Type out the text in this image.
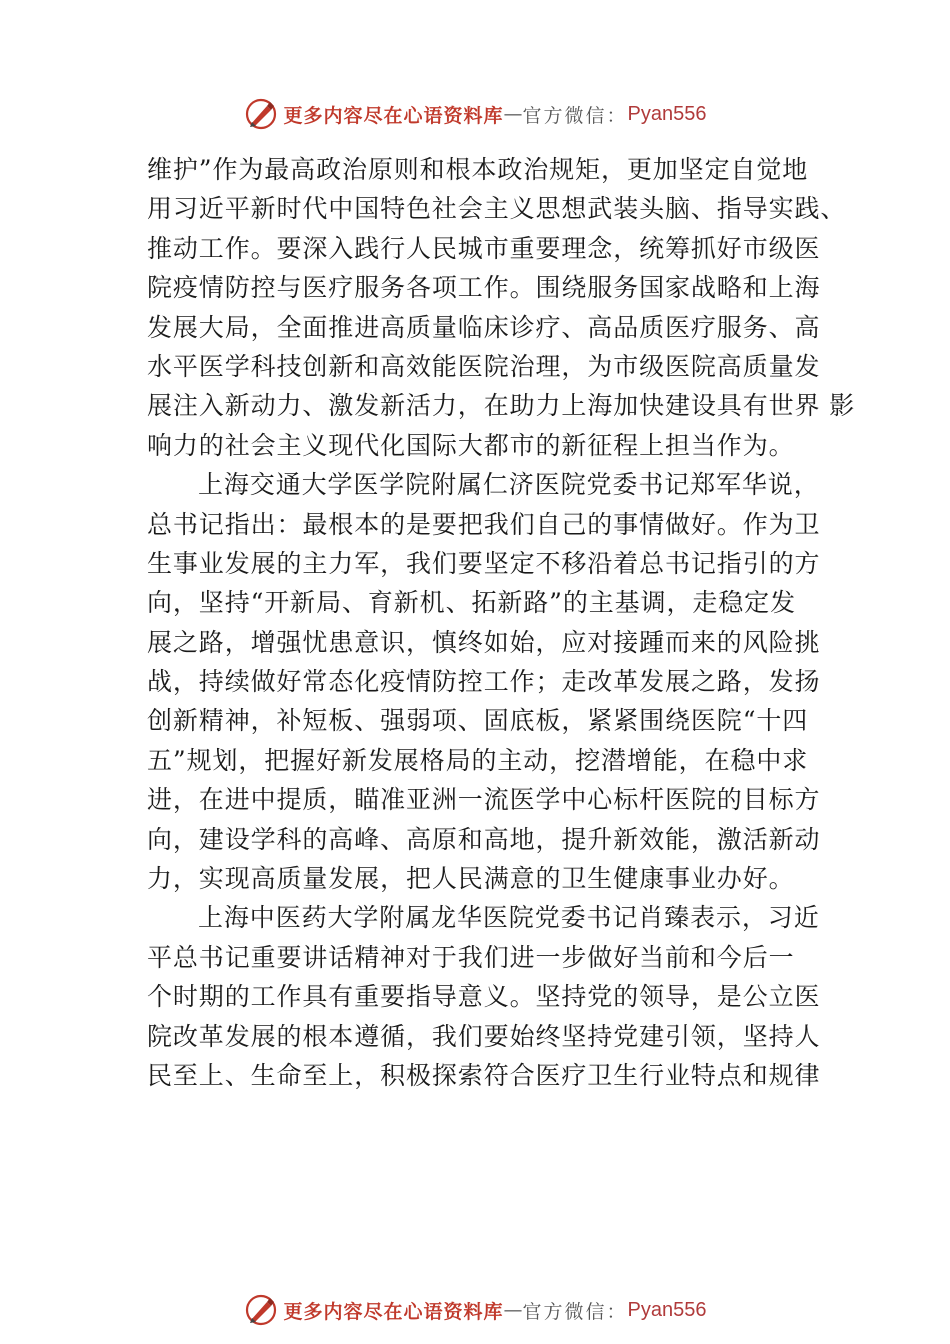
更多内容尽在心语资料库 — 官方微信： Pyan556
维护”作为最高政治原则和根本政治规矩，更加坚定自觉地
用习近平新时代中国特色社会主义思想武装头脑、指导实践、
推动工作。要深入践行人民城市重要理念，统筹抓好市级医
院疫情防控与医疗服务各项工作。围绕服务国家战略和上海
发展大局，全面推进高质量临床诊疗、高品质医疗服务、高
水平医学科技创新和高效能医院治理，为市级医院高质量发
展注入新动力、激发新活力，在助力上海加快建设具有世界 影
响力的社会主义现代化国际大都市的新征程上担当作为。
上海交通大学医学院附属仁济医院党委书记郑军华说，
总书记指出：最根本的是要把我们自己的事情做好。作为卫
生事业发展的主力军，我们要坚定不移沿着总书记指引的方
向，坚持“开新局、育新机、拓新路”的主基调，走稳定发
展之路，增强忧患意识，慎终如始，应对接踵而来的风险挑
战，持续做好常态化疫情防控工作；走改革发展之路，发扬
创新精神，补短板、强弱项、固底板，紧紧围绕医院“十四
五”规划，把握好新发展格局的主动，挖潜增能，在稳中求
进，在进中提质，瞄准亚洲一流医学中心标杆医院的目标方
向，建设学科的高峰、高原和高地，提升新效能，激活新动
力，实现高质量发展，把人民满意的卫生健康事业办好。
上海中医药大学附属龙华医院党委书记肖臻表示，习近
平总书记重要讲话精神对于我们进一步做好当前和今后一
个时期的工作具有重要指导意义。坚持党的领导，是公立医
院改革发展的根本遵循，我们要始终坚持党建引领，坚持人
民至上、生命至上，积极探索符合医疗卫生行业特点和规律
更多内容尽在心语资料库 — 官方微信： Pyan556
